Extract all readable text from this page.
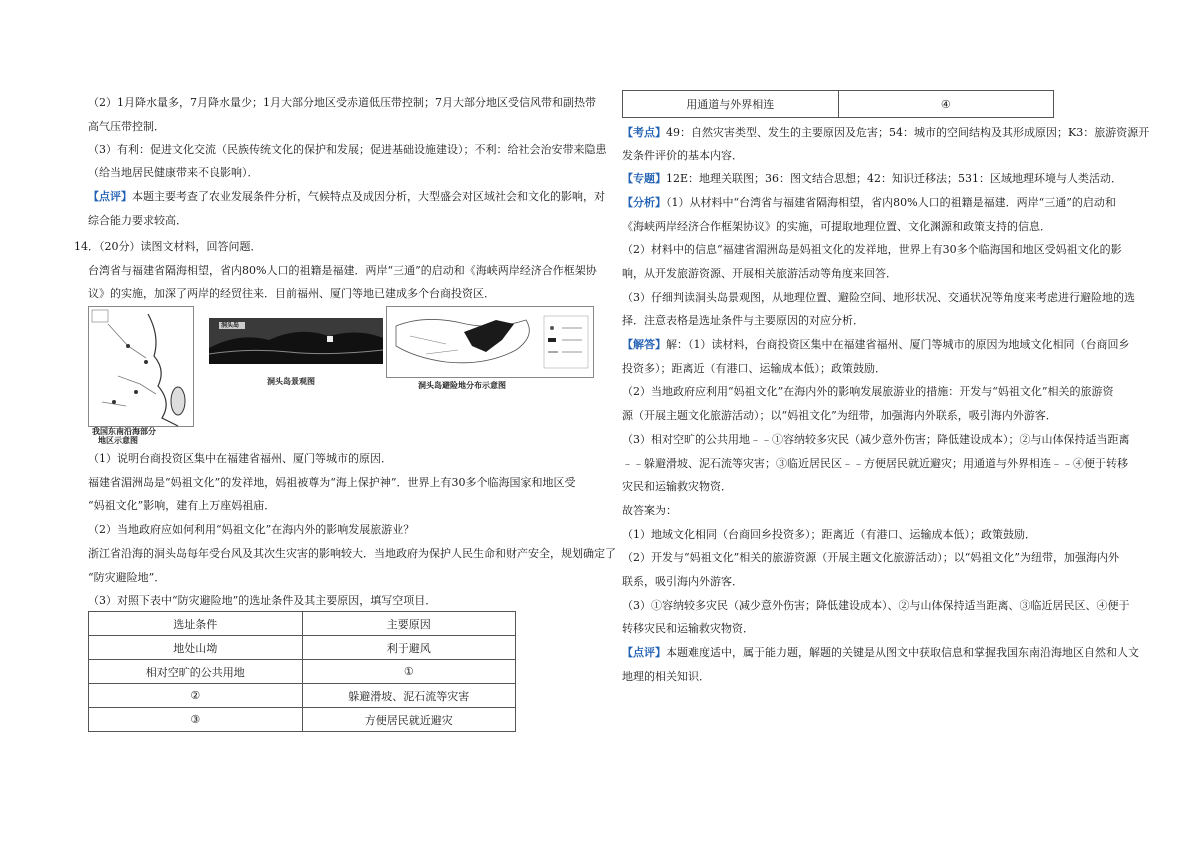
（2）1月降水量多，7月降水量少；1月大部分地区受赤道低压带控制；7月大部分地区受信风带和副热带
高气压带控制．
（3）有利：促进文化交流（民族传统文化的保护和发展；促进基础设施建设）；不利：给社会治安带来隐患
（给当地居民健康带来不良影响）．
【点评】本题主要考查了农业发展条件分析，气候特点及成因分析，大型盛会对区域社会和文化的影响，对
综合能力要求较高．
14．（20分）读图文材料，回答问题．
台湾省与福建省隔海相望，省内80%人口的祖籍是福建．两岸“三通”的启动和《海峡两岸经济合作框架协
议》的实施，加深了两岸的经贸往来．目前福州、厦门等地已建成多个台商投资区．
我国东南沿海部分
地区示意图
洞头岛
洞头岛景观图	洞头岛避险地分布示意图
（1）说明台商投资区集中在福建省福州、厦门等城市的原因．
福建省湄洲岛是“妈祖文化”的发祥地，妈祖被尊为“海上保护神”．世界上有30多个临海国家和地区受
“妈祖文化”影响，建有上万座妈祖庙．
（2）当地政府应如何利用“妈祖文化”在海内外的影响发展旅游业？
浙江省沿海的洞头岛每年受台风及其次生灾害的影响较大．当地政府为保护人民生命和财产安全，规划确定了
“防灾避险地”．
（3）对照下表中“防灾避险地”的选址条件及其主要原因，填写空项目．
选址条件	主要原因
地处山坳	利于避风
相对空旷的公共用地	①
②	躲避滑坡、泥石流等灾害
③	方便居民就近避灾
用通道与外界相连	④
【考点】49：自然灾害类型、发生的主要原因及危害；54：城市的空间结构及其形成原因；K3：旅游资源开
发条件评价的基本内容．
【专题】12E：地理关联图；36：图文结合思想；42：知识迁移法；531：区域地理环境与人类活动．
【分析】（1）从材料中“台湾省与福建省隔海相望，省内80%人口的祖籍是福建．两岸“三通”的启动和
《海峡两岸经济合作框架协议》的实施，可提取地理位置、文化渊源和政策支持的信息．
（2）材料中的信息“福建省湄洲岛是妈祖文化的发祥地，世界上有30多个临海国和地区受妈祖文化的影
响，从开发旅游资源、开展相关旅游活动等角度来回答．
（3）仔细判读洞头岛景观图，从地理位置、避险空间、地形状况、交通状况等角度来考虑进行避险地的选
择．注意表格是选址条件与主要原因的对应分析．
【解答】解：（1）读材料，台商投资区集中在福建省福州、厦门等城市的原因为地域文化相同（台商回乡
投资多）；距离近（有港口、运输成本低）；政策鼓励．
（2）当地政府应利用“妈祖文化”在海内外的影响发展旅游业的措施：开发与“妈祖文化”相关的旅游资
源（开展主题文化旅游活动）；以“妈祖文化”为纽带，加强海内外联系，吸引海内外游客．
（3）相对空旷的公共用地﹣﹣①容纳较多灾民（减少意外伤害；降低建设成本）；②与山体保持适当距离
﹣﹣躲避滑坡、泥石流等灾害；③临近居民区﹣﹣方便居民就近避灾；用通道与外界相连﹣﹣④便于转移
灾民和运输救灾物资．
故答案为：
（1）地域文化相同（台商回乡投资多）；距离近（有港口、运输成本低）；政策鼓励．
（2）开发与“妈祖文化”相关的旅游资源（开展主题文化旅游活动）；以“妈祖文化”为纽带，加强海内外
联系，吸引海内外游客．
（3）①容纳较多灾民（减少意外伤害；降低建设成本）、②与山体保持适当距离、③临近居民区、④便于
转移灾民和运输救灾物资．
【点评】本题难度适中，属于能力题，解题的关键是从图文中获取信息和掌握我国东南沿海地区自然和人文
地理的相关知识．
